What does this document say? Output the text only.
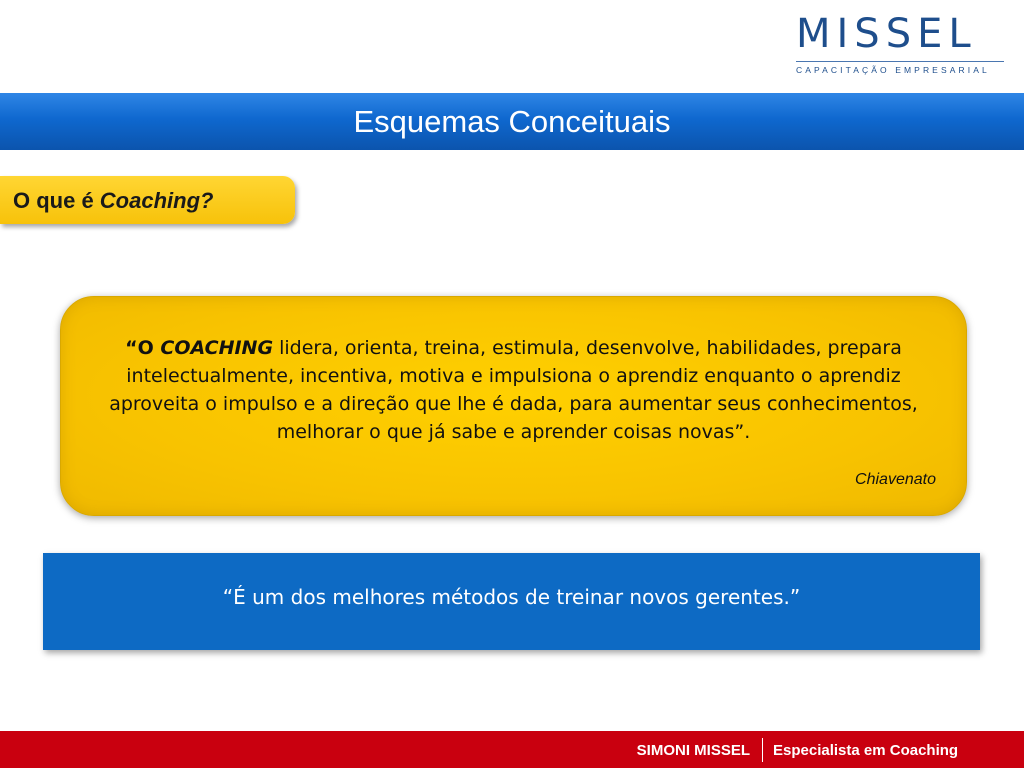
MISSEL
CAPACITAÇÃO EMPRESARIAL
Esquemas Conceituais
O que é Coaching?
“O COACHING lidera, orienta, treina, estimula, desenvolve, habilidades, prepara intelectualmente, incentiva, motiva e impulsiona o aprendiz enquanto o aprendiz aproveita o impulso e a direção que lhe é dada, para aumentar seus conhecimentos, melhorar o que já sabe e aprender coisas novas”.
Chiavenato
“É um dos melhores métodos de treinar novos gerentes.”
SIMONI MISSEL Especialista em Coaching
